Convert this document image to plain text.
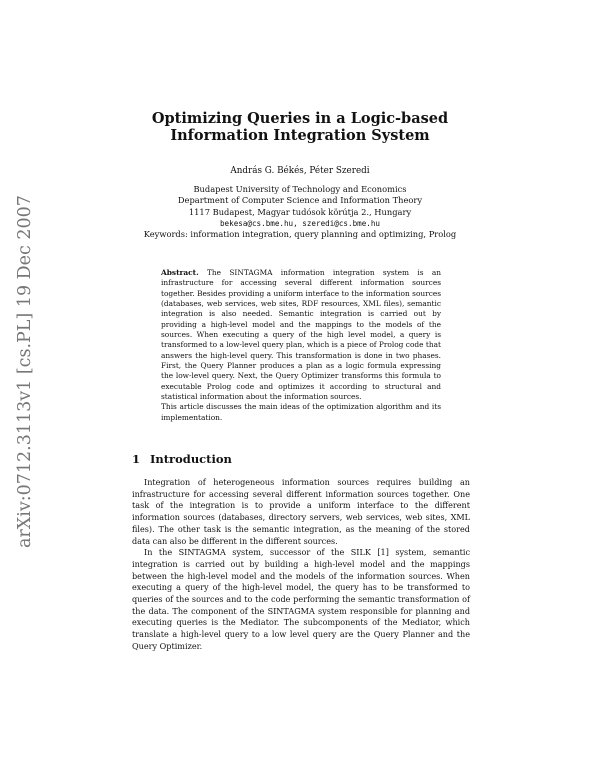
arXiv:0712.3113v1 [cs.PL] 19 Dec 2007
Optimizing Queries in a Logic-based
Information Integration System
András G. Békés, Péter Szeredi
Budapest University of Technology and Economics
Department of Computer Science and Information Theory
1117 Budapest, Magyar tudósok körútja 2., Hungary
bekesa@cs.bme.hu, szeredi@cs.bme.hu
Keywords: information integration, query planning and optimizing, Prolog

Abstract. The SINTAGMA information integration system is an infrastructure for accessing several different information sources together. Besides providing a uniform interface to the information sources (databases, web services, web sites, RDF resources, XML files), semantic integration is also needed. Semantic integration is carried out by providing a high-level model and the mappings to the models of the sources. When executing a query of the high level model, a query is transformed to a low-level query plan, which is a piece of Prolog code that answers the high-level query. This transformation is done in two phases. First, the Query Planner produces a plan as a logic formula expressing the low-level query. Next, the Query Optimizer transforms this formula to executable Prolog code and optimizes it according to structural and statistical information about the information sources.

This article discusses the main ideas of the optimization algorithm and its implementation.

1 Introduction

Integration of heterogeneous information sources requires building an infrastructure for accessing several different information sources together. One task of the integration is to provide a uniform interface to the different information sources (databases, directory servers, web services, web sites, XML files). The other task is the semantic integration, as the meaning of the stored data can also be different in the different sources.

In the SINTAGMA system, successor of the SILK [1] system, semantic integration is carried out by building a high-level model and the mappings between the high-level model and the models of the information sources. When executing a query of the high-level model, the query has to be transformed to queries of the sources and to the code performing the semantic transformation of the data. The component of the SINTAGMA system responsible for planning and executing queries is the Mediator. The subcomponents of the Mediator, which translate a high-level query to a low level query are the Query Planner and the Query Optimizer.
